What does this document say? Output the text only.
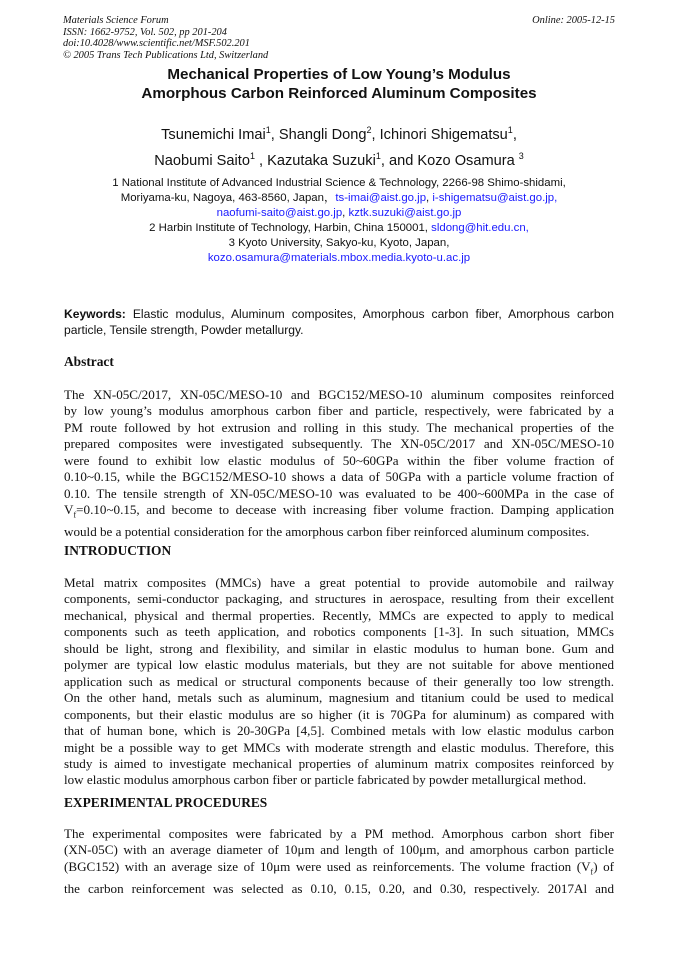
Materials Science Forum	Online: 2005-12-15
ISSN: 1662-9752, Vol. 502, pp 201-204
doi:10.4028/www.scientific.net/MSF.502.201
© 2005 Trans Tech Publications Ltd, Switzerland
Mechanical Properties of Low Young’s Modulus
Amorphous Carbon Reinforced Aluminum Composites
Tsunemichi Imai$^1$, Shangli Dong$^2$, Ichinori Shigematsu$^1$,
Naobumi Saito$^1$ , Kazutaka Suzuki$^1$, and Kozo Osamura $^3$
1 National Institute of Advanced Industrial Science & Technology, 2266-98 Shimo-shidami,
Moriyama-ku, Nagoya, 463-8560, Japan，ts-imai@aist.go.jp, i-shigematsu@aist.go.jp,
naofumi-saito@aist.go.jp, kztk.suzuki@aist.go.jp
2 Harbin Institute of Technology, Harbin, China 150001, sldong@hit.edu.cn,
3 Kyoto University, Sakyo-ku, Kyoto, Japan,
kozo.osamura@materials.mbox.media.kyoto-u.ac.jp
Keywords: Elastic modulus, Aluminum composites, Amorphous carbon fiber, Amorphous carbon particle, Tensile strength, Powder metallurgy.
Abstract
The XN-05C/2017, XN-05C/MESO-10 and BGC152/MESO-10 aluminum composites reinforced
by low young’s modulus amorphous carbon fiber and particle, respectively, were fabricated by a
PM route followed by hot extrusion and rolling in this study. The mechanical properties of the
prepared composites were investigated subsequently. The XN-05C/2017 and XN-05C/MESO-10
were found to exhibit low elastic modulus of 50~60GPa within the fiber volume fraction of
0.10~0.15, while the BGC152/MESO-10 shows a data of 50GPa with a particle volume fraction of
0.10. The tensile strength of XN-05C/MESO-10 was evaluated to be 400~600MPa in the case of
$V_f=0.10\sim 0.15$, and become to decease with increasing fiber volume fraction. Damping application
would be a potential consideration for the amorphous carbon fiber reinforced aluminum composites.
INTRODUCTION
Metal matrix composites (MMCs) have a great potential to provide automobile and railway
components, semi-conductor packaging, and structures in aerospace, resulting from their excellent
mechanical, physical and thermal properties. Recently, MMCs are expected to apply to medical
components such as teeth application, and robotics components [1-3]. In such situation, MMCs
should be light, strong and flexibility, and similar in elastic modulus to human bone. Gum and
polymer are typical low elastic modulus materials, but they are not suitable for above mentioned
application such as medical or structural components because of their generally too low strength.
On the other hand, metals such as aluminum, magnesium and titanium could be used to medical
components, but their elastic modulus are so higher (it is 70GPa for aluminum) as compared with
that of human bone, which is 20-30GPa [4,5]. Combined metals with low elastic modulus carbon
might be a possible way to get MMCs with moderate strength and elastic modulus. Therefore, this
study is aimed to investigate mechanical properties of aluminum matrix composites reinforced by
low elastic modulus amorphous carbon fiber or particle fabricated by powder metallurgical method.
EXPERIMENTAL PROCEDURES
The experimental composites were fabricated by a PM method. Amorphous carbon short fiber
(XN-05C) with an average diameter of 10μm and length of 100μm, and amorphous carbon particle
(BGC152) with an average size of 10μm were used as reinforcements. The volume fraction $(V_f)$ of
the carbon reinforcement was selected as 0.10, 0.15, 0.20, and 0.30, respectively. 2017Al and
